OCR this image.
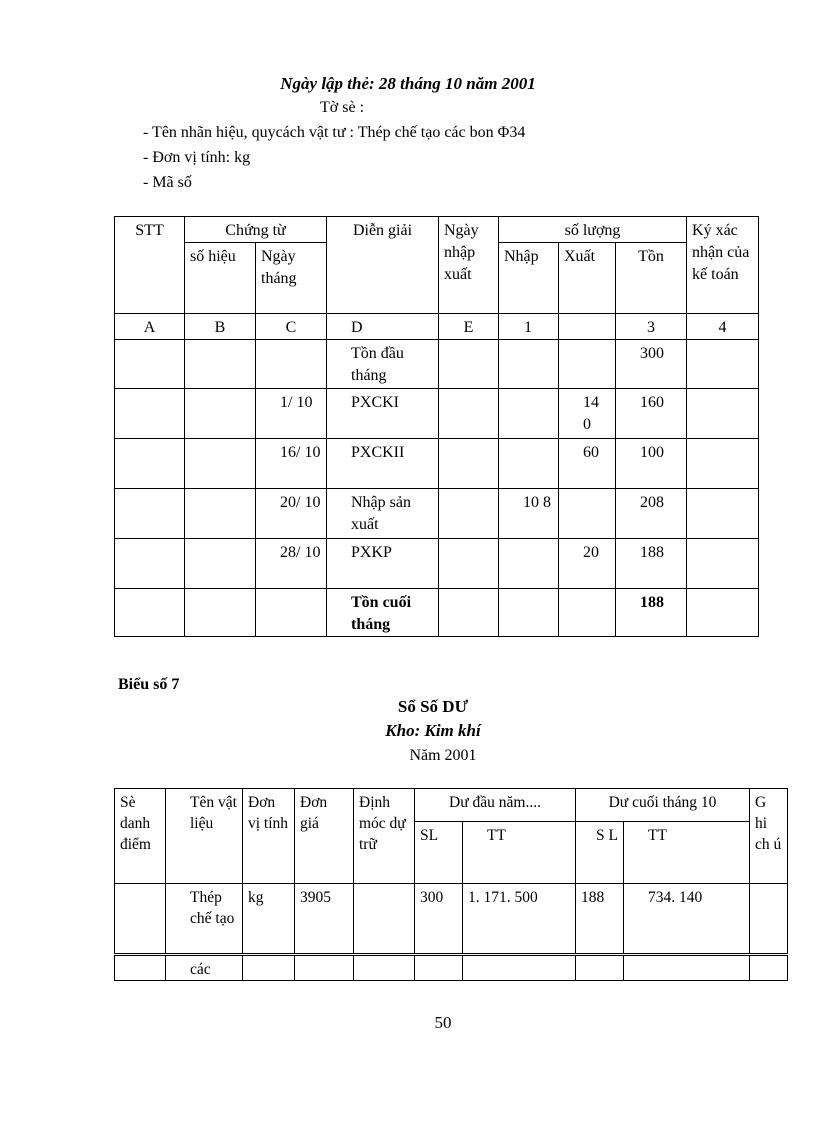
Ngày lập thẻ: 28 tháng 10 năm 2001
Tờ sè :
- Tên nhãn hiệu, quycách vật tư : Thép chế tạo các bon Φ34
- Đơn vị tính: kg
- Mã số
STT	Chứng từ		Diễn giải	Ngày nhập xuất	số lượng			Ký xác nhận của kế toán
	số hiệu	Ngày tháng			Nhập	Xuất	Tồn	
A	B	C	D	E	1		3	4
			Tồn đầu tháng				300	
		1/ 10	PXCKI			14 0	160	
		16/ 10	PXCKII			60	100	
		20/ 10	Nhập sản xuất		10 8		208	
		28/ 10	PXKP			20	188	
			Tồn cuối tháng				188	
Biểu số 7
Sổ Số DƯ
Kho: Kim khí
Năm 2001
Sè danh điểm	Tên vật liệu	Đơn vị tính	Đơn giá	Định móc dự trữ	Dư đầu năm....		Dư cuối tháng 10		G hi ch ú
					SL	TT	S L	TT	
	Thép chế tạo	kg	3905		300	1. 171. 500	188	734. 140	
	các								
50
